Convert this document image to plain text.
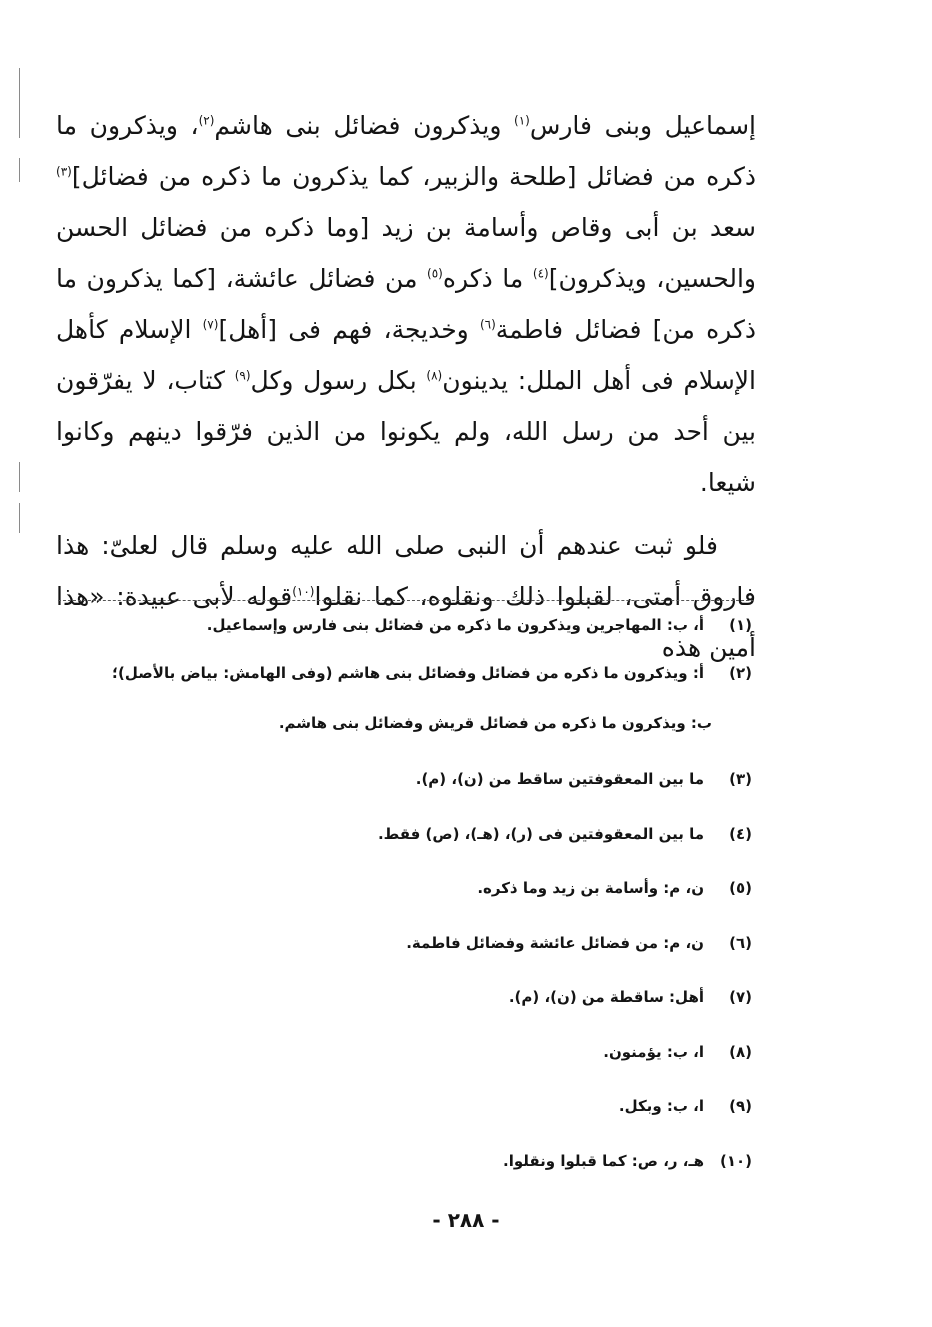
إسماعيل وبنى فارس$^{(١)}$ ويذكرون فضائل بنى هاشم$^{(٢)}$، ويذكرون ما ذكره من فضائل [طلحة والزبير، كما يذكرون ما ذكره من فضائل]$^{(٣)}$ سعد بن أبى وقاص وأسامة بن زيد [وما ذكره من فضائل الحسن والحسين، ويذكرون]$^{(٤)}$ ما ذكره$^{(٥)}$ من فضائل عائشة، [كما يذكرون ما ذكره من] فضائل فاطمة$^{(٦)}$ وخديجة، فهم فى [أهل]$^{(٧)}$ الإسلام كأهل الإسلام فى أهل الملل: يدينون$^{(٨)}$ بكل رسول وكل$^{(٩)}$ كتاب، لا يفرّقون بين أحد من رسل الله، ولم يكونوا من الذين فرّقوا دينهم وكانوا شيعا.

فلو ثبت عندهم أن النبى صلى الله عليه وسلم قال لعلىّ: هذا فاروق أمتى، لقبلوا ذلك ونقلوه، كما نقلوا$^{(١٠)}$قوله لأبى عبيدة: «هذا أمين هذه

(١)أ، ب: المهاجرين ويذكرون ما ذكره من فضائل بنى فارس وإسماعيل.
(٢)أ: ويذكرون ما ذكره من فضائل وفضائل بنى هاشم (وفى الهامش: بياض بالأصل)؛
ب: ويذكرون ما ذكره من فضائل قريش وفضائل بنى هاشم.
(٣)ما بين المعقوفتين ساقط من (ن)، (م).
(٤)ما بين المعقوفتين فى (ر)، (هـ)، (ص) فقط.
(٥)ن، م: وأسامة بن زيد وما ذكره.
(٦)ن، م: من فضائل عائشة وفضائل فاطمة.
(٧)أهل: ساقطة من (ن)، (م).
(٨)ا، ب: يؤمنون.
(٩)ا، ب: وبكل.
(١٠)هـ، ر، ص: كما قبلوا ونقلوا.
- ٢٨٨ -
